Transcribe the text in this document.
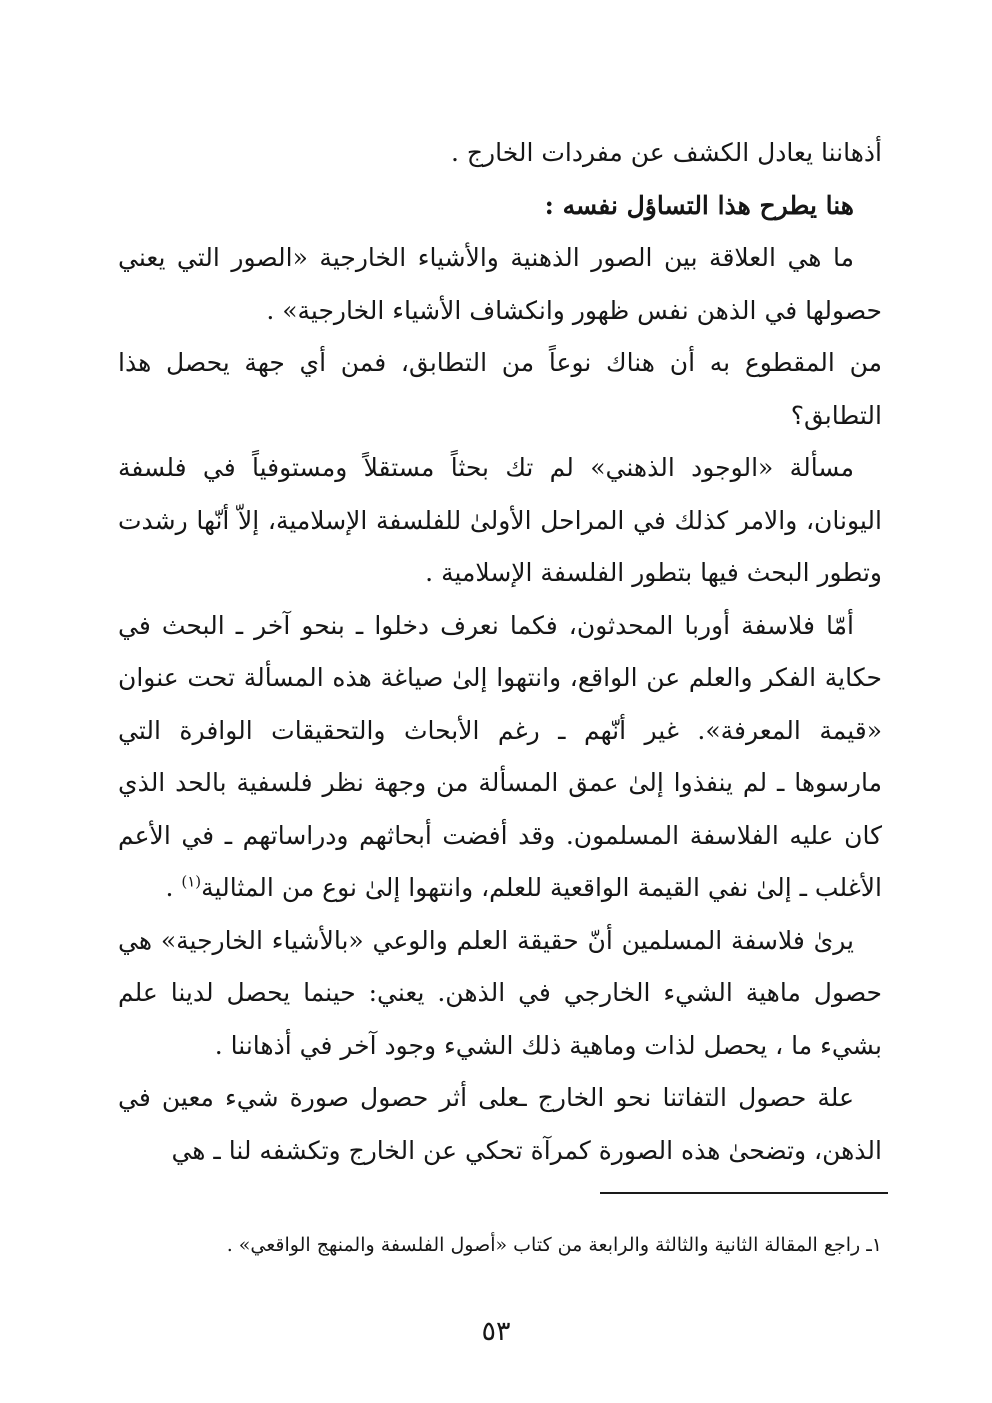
أذهاننا يعادل الكشف عن مفردات الخارج .

هنا يطرح هذا التساؤل نفسه :

ما هي العلاقة بين الصور الذهنية والأشياء الخارجية «الصور التي يعني حصولها في الذهن نفس ظهور وانكشاف الأشياء الخارجية» .

من المقطوع به أن هناك نوعاً من التطابق، فمن أي جهة يحصل هذا التطابق؟

مسألة «الوجود الذهني» لم تك بحثاً مستقلاً ومستوفياً في فلسفة اليونان، والامر كذلك في المراحل الأولىٰ للفلسفة الإسلامية، إلاّ أنّها رشدت وتطور البحث فيها بتطور الفلسفة الإسلامية .

أمّا فلاسفة أوربا المحدثون، فكما نعرف دخلوا ـ بنحو آخر ـ البحث في حكاية الفكر والعلم عن الواقع، وانتهوا إلىٰ صياغة هذه المسألة تحت عنوان «قيمة المعرفة». غير أنّهم ـ رغم الأبحاث والتحقيقات الوافرة التي مارسوها ـ لم ينفذوا إلىٰ عمق المسألة من وجهة نظر فلسفية بالحد الذي كان عليه الفلاسفة المسلمون. وقد أفضت أبحاثهم ودراساتهم ـ في الأعم الأغلب ـ إلىٰ نفي القيمة الواقعية للعلم، وانتهوا إلىٰ نوع من المثالية$^{(١)}$ .

يرىٰ فلاسفة المسلمين أنّ حقيقة العلم والوعي «بالأشياء الخارجية» هي حصول ماهية الشيء الخارجي في الذهن. يعني: حينما يحصل لدينا علم بشيء ما ، يحصل لذات وماهية ذلك الشيء وجود آخر في أذهاننا .

علة حصول التفاتنا نحو الخارج ـعلى أثر حصول صورة شيء معين في الذهن، وتضحىٰ هذه الصورة كمرآة تحكي عن الخارج وتكشفه لنا ـ هي

١ـ راجع المقالة الثانية والثالثة والرابعة من كتاب «أصول الفلسفة والمنهج الواقعي» .
٥٣
